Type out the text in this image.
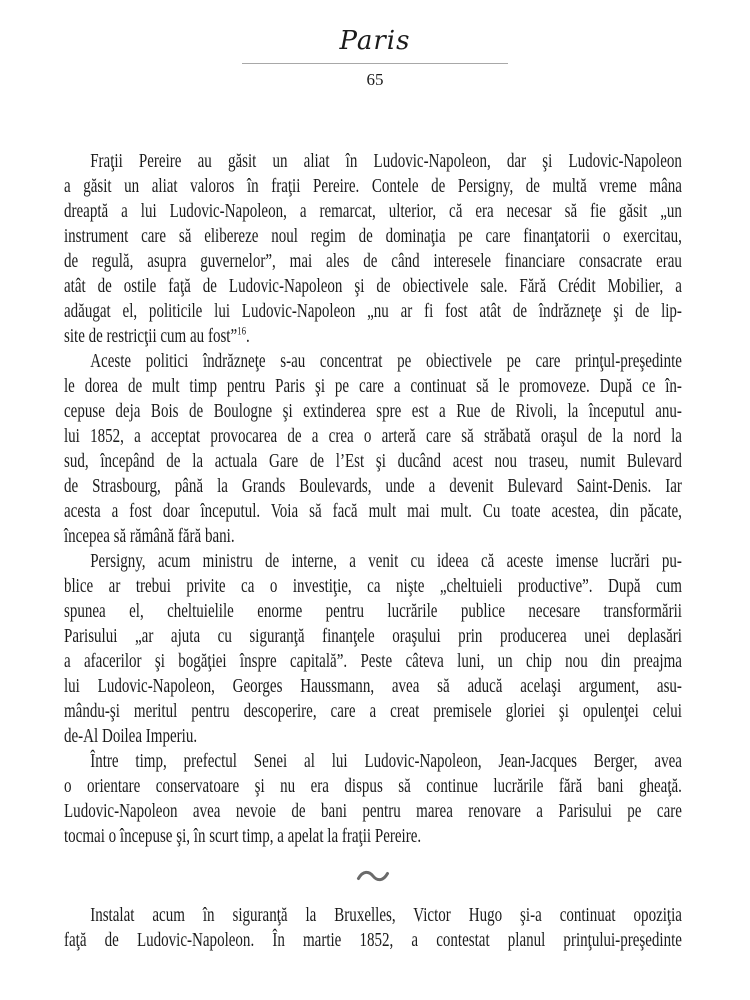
Paris
65
Fraţii Pereire au găsit un aliat în Ludovic-Napoleon, dar şi Ludovic-Napoleon
a găsit un aliat valoros în fraţii Pereire. Contele de Persigny, de multă vreme mâna
dreaptă a lui Ludovic-Napoleon, a remarcat, ulterior, că era necesar să fie găsit „un
instrument care să elibereze noul regim de dominaţia pe care finanţatorii o exercitau,
de regulă, asupra guvernelor”, mai ales de când interesele financiare consacrate erau
atât de ostile faţă de Ludovic-Napoleon şi de obiectivele sale. Fără Crédit Mobilier, a
adăugat el, politicile lui Ludovic-Napoleon „nu ar fi fost atât de îndrăzneţe şi de lip-
site de restricţii cum au fost”$^{16}$.
Aceste politici îndrăzneţe s-au concentrat pe obiectivele pe care prinţul-preşedinte
le dorea de mult timp pentru Paris şi pe care a continuat să le promoveze. După ce în-
cepuse deja Bois de Boulogne şi extinderea spre est a Rue de Rivoli, la începutul anu-
lui 1852, a acceptat provocarea de a crea o arteră care să străbată oraşul de la nord la
sud, începând de la actuala Gare de l’Est şi ducând acest nou traseu, numit Bulevard
de Strasbourg, până la Grands Boulevards, unde a devenit Bulevard Saint-Denis. Iar
acesta a fost doar începutul. Voia să facă mult mai mult. Cu toate acestea, din păcate,
începea să rămână fără bani.
Persigny, acum ministru de interne, a venit cu ideea că aceste imense lucrări pu-
blice ar trebui privite ca o investiţie, ca nişte „cheltuieli productive”. După cum
spunea el, cheltuielile enorme pentru lucrările publice necesare transformării
Parisului „ar ajuta cu siguranţă finanţele oraşului prin producerea unei deplasări
a afacerilor şi bogăţiei înspre capitală”. Peste câteva luni, un chip nou din preajma
lui Ludovic-Napoleon, Georges Haussmann, avea să aducă acelaşi argument, asu-
mându-şi meritul pentru descoperire, care a creat premisele gloriei şi opulenţei celui
de-Al Doilea Imperiu.
Între timp, prefectul Senei al lui Ludovic-Napoleon, Jean-Jacques Berger, avea
o orientare conservatoare şi nu era dispus să continue lucrările fără bani gheaţă.
Ludovic-Napoleon avea nevoie de bani pentru marea renovare a Parisului pe care
tocmai o începuse şi, în scurt timp, a apelat la fraţii Pereire.
Instalat acum în siguranţă la Bruxelles, Victor Hugo şi-a continuat opoziţia
faţă de Ludovic-Napoleon. În martie 1852, a contestat planul prinţului-preşedinte
